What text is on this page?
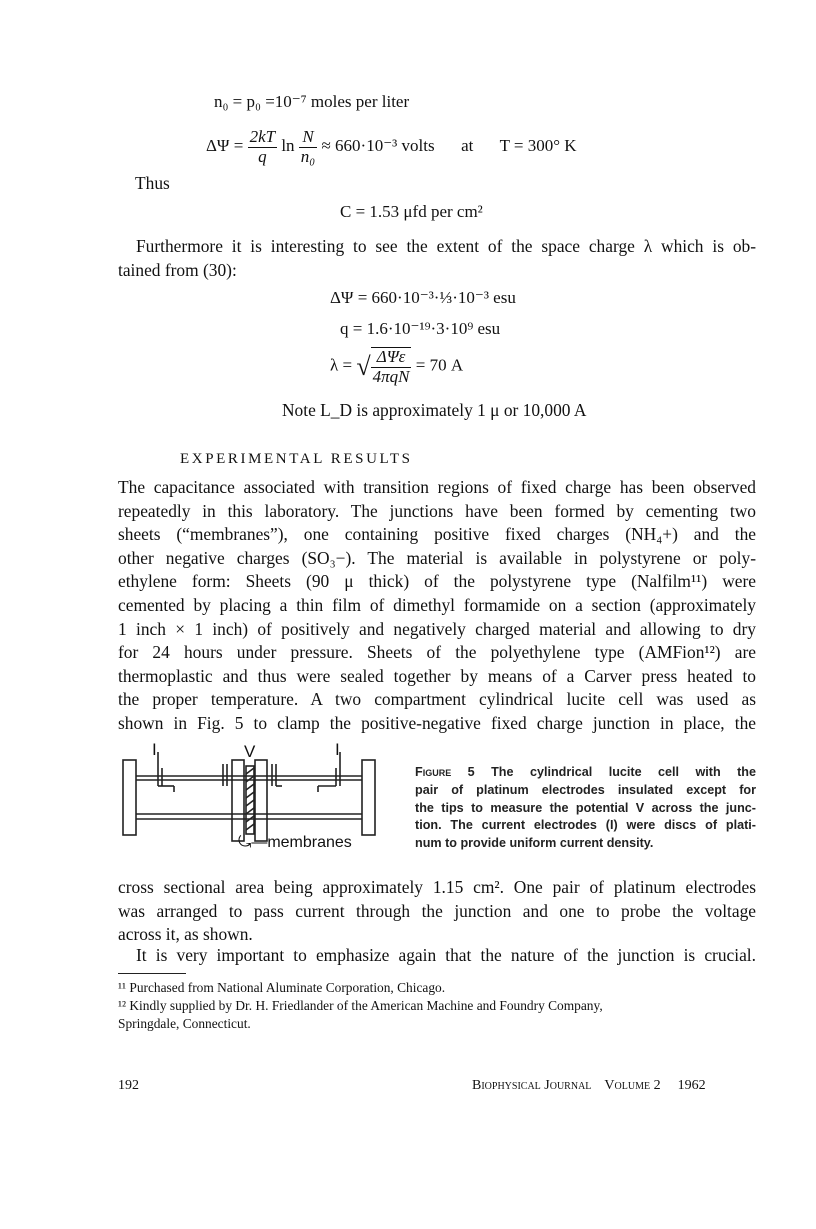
n₀ = p₀ =10⁻⁷ moles per liter
$\Delta\Psi = \frac{2kT}{q}$ $\ln \frac{N}{\text{n₀}} \approx 660\cdot 10^{-3}$ volts at T = 300° K
Thus
C = 1.53 μfd per cm²
Furthermore it is interesting to see the extent of the space charge λ which is ob-
tained from (30):
ΔΨ = 660·10⁻³·⅓·10⁻³ esu
q = 1.6·10⁻¹⁹·3·10⁹ esu
λ = √ $\frac{\text{ΔΨε}}{\text{4πqN}} = 70$ A
Note L_D is approximately 1 μ or 10,000 A
EXPERIMENTAL RESULTS
The capacitance associated with transition regions of fixed charge has been observed
repeatedly in this laboratory. The junctions have been formed by cementing two
sheets (“membranes”), one containing positive fixed charges (NH₄+) and the
other negative charges (SO₃−). The material is available in polystyrene or poly-
ethylene form: Sheets (90 μ thick) of the polystyrene type (Nalfilm¹¹) were
cemented by placing a thin film of dimethyl formamide on a section (approximately
1 inch × 1 inch) of positively and negatively charged material and allowing to dry
for 24 hours under pressure. Sheets of the polyethylene type (AMFion¹²) are
thermoplastic and thus were sealed together by means of a Carver press heated to
the proper temperature. A two compartment cylindrical lucite cell was used as
shown in Fig. 5 to clamp the positive-negative fixed charge junction in place, the
I	V	I
⤿—membranes
Figure 5 The cylindrical lucite cell with the
pair of platinum electrodes insulated except for
the tips to measure the potential V across the junc-
tion. The current electrodes (I) were discs of plati-
num to provide uniform current density.
cross sectional area being approximately 1.15 cm². One pair of platinum electrodes
was arranged to pass current through the junction and one to probe the voltage
across it, as shown.
It is very important to emphasize again that the nature of the junction is crucial.
¹¹ Purchased from National Aluminate Corporation, Chicago.
¹² Kindly supplied by Dr. H. Friedlander of the American Machine and Foundry Company,
Springdale, Connecticut.
192	Biophysical Journal Volume 2 1962
